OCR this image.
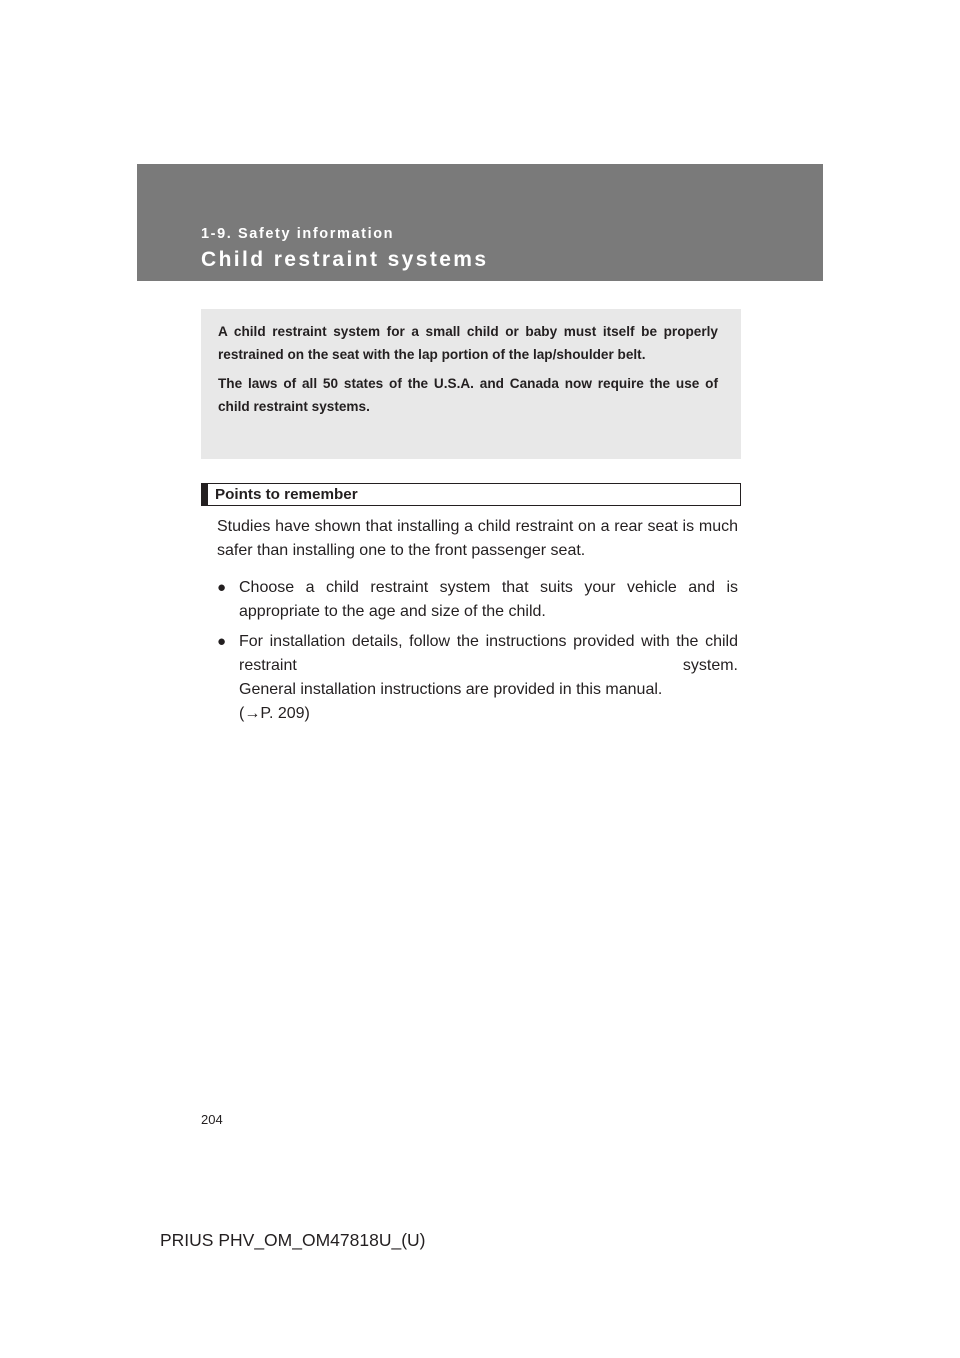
1-9. Safety information
Child restraint systems

A child restraint system for a small child or baby must itself be properly restrained on the seat with the lap portion of the lap/shoulder belt.

The laws of all 50 states of the U.S.A. and Canada now require the use of child restraint systems.

Points to remember

Studies have shown that installing a child restraint on a rear seat is much safer than installing one to the front passenger seat.

● Choose a child restraint system that suits your vehicle and is appropriate to the age and size of the child.
● For installation details, follow the instructions provided with the child restraint system.
General installation instructions are provided in this manual.
(→P. 209)
204
PRIUS PHV_OM_OM47818U_(U)
